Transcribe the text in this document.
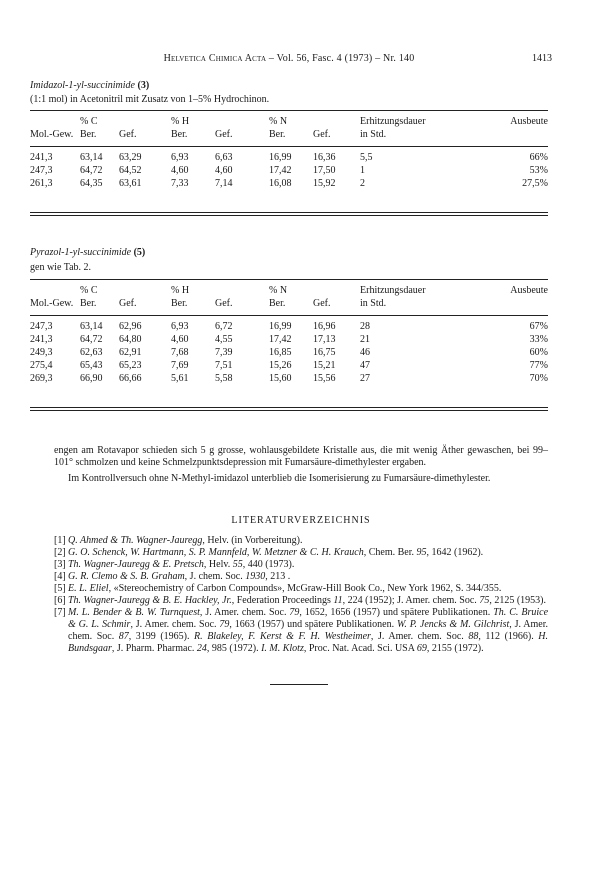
Helvetica Chimica Acta – Vol. 56, Fasc. 4 (1973) – Nr. 140	1413
Imidazol-1-yl-succinimide (3)
(1:1 mol) in Acetonitril mit Zusatz von 1–5% Hydrochinon.
	% C		% H		% N		Erhitzungsdauer	Ausbeute
Mol.-Gew.	Ber.	Gef.	Ber.	Gef.	Ber.	Gef.	in Std.	
241,3	63,14	63,29	6,93	6,63	16,99	16,36	5,5	66%
247,3	64,72	64,52	4,60	4,60	17,42	17,50	1	53%
261,3	64,35	63,61	7,33	7,14	16,08	15,92	2	27,5%
Pyrazol-1-yl-succinimide (5)
gen wie Tab. 2.
	% C		% H		% N		Erhitzungsdauer	Ausbeute
Mol.-Gew.	Ber.	Gef.	Ber.	Gef.	Ber.	Gef.	in Std.	
247,3	63,14	62,96	6,93	6,72	16,99	16,96	28	67%
241,3	64,72	64,80	4,60	4,55	17,42	17,13	21	33%
249,3	62,63	62,91	7,68	7,39	16,85	16,75	46	60%
275,4	65,43	65,23	7,69	7,51	15,26	15,21	47	77%
269,3	66,90	66,66	5,61	5,58	15,60	15,56	27	70%

engen am Rotavapor schieden sich 5 g grosse, wohlausgebildete Kristalle aus, die mit wenig Äther gewaschen, bei 99–101° schmolzen und keine Schmelzpunktsdepression mit Fumarsäure-dimethylester ergaben.

Im Kontrollversuch ohne N-Methyl-imidazol unterblieb die Isomerisierung zu Fumarsäure-dimethylester.

LITERATURVERZEICHNIS
[1] Q. Ahmed & Th. Wagner-Jauregg, Helv. (in Vorbereitung).
[2] G. O. Schenck, W. Hartmann, S. P. Mannfeld, W. Metzner & C. H. Krauch, Chem. Ber. 95, 1642 (1962).
[3] Th. Wagner-Jauregg & E. Pretsch, Helv. 55, 440 (1973).
[4] G. R. Clemo & S. B. Graham, J. chem. Soc. 1930, 213 .
[5] E. L. Eliel, «Stereochemistry of Carbon Compounds», McGraw-Hill Book Co., New York 1962, S. 344/355.
[6] Th. Wagner-Jauregg & B. E. Hackley, Jr., Federation Proceedings 11, 224 (1952); J. Amer. chem. Soc. 75, 2125 (1953).
[7] M. L. Bender & B. W. Turnquest, J. Amer. chem. Soc. 79, 1652, 1656 (1957) und spätere Publikationen. Th. C. Bruice & G. L. Schmir, J. Amer. chem. Soc. 79, 1663 (1957) und spätere Publikationen. W. P. Jencks & M. Gilchrist, J. Amer. chem. Soc. 87, 3199 (1965). R. Blakeley, F. Kerst & F. H. Westheimer, J. Amer. chem. Soc. 88, 112 (1966). H. Bundsgaar, J. Pharm. Pharmac. 24, 985 (1972). I. M. Klotz, Proc. Nat. Acad. Sci. USA 69, 2155 (1972).
